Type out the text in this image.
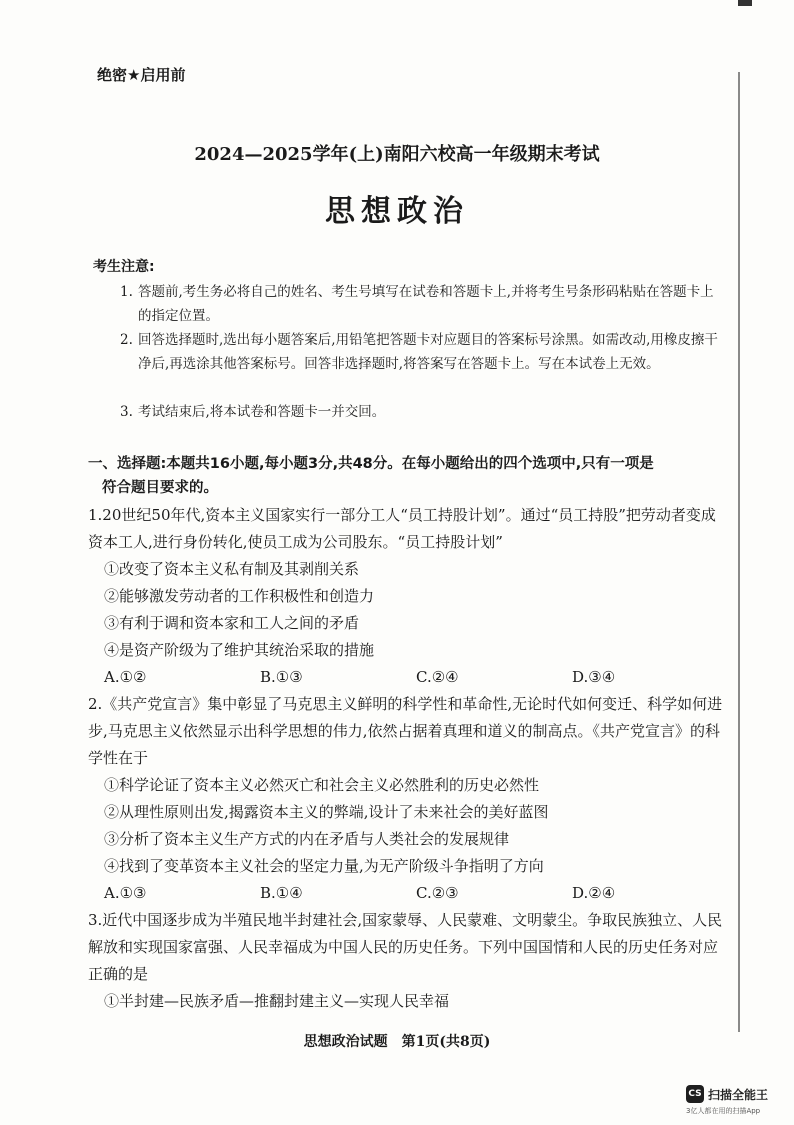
绝密★启用前
2024—2025学年(上)南阳六校高一年级期末考试
思想政治
考生注意:
1. 答题前,考生务必将自己的姓名、考生号填写在试卷和答题卡上,并将考生号条形码粘贴在答题卡上的指定位置。
2. 回答选择题时,选出每小题答案后,用铅笔把答题卡对应题目的答案标号涂黑。如需改动,用橡皮擦干净后,再选涂其他答案标号。回答非选择题时,将答案写在答题卡上。写在本试卷上无效。
3. 考试结束后,将本试卷和答题卡一并交回。
一、选择题:本题共16小题,每小题3分,共48分。在每小题给出的四个选项中,只有一项是
符合题目要求的。
1.20世纪50年代,资本主义国家实行一部分工人“员工持股计划”。通过“员工持股”把劳动者变成资本工人,进行身份转化,使员工成为公司股东。“员工持股计划”
①改变了资本主义私有制及其剥削关系
②能够激发劳动者的工作积极性和创造力
③有利于调和资本家和工人之间的矛盾
④是资产阶级为了维护其统治采取的措施
A.①②	B.①③	C.②④	D.③④
2.《共产党宣言》集中彰显了马克思主义鲜明的科学性和革命性,无论时代如何变迁、科学如何进步,马克思主义依然显示出科学思想的伟力,依然占据着真理和道义的制高点。《共产党宣言》的科学性在于
①科学论证了资本主义必然灭亡和社会主义必然胜利的历史必然性
②从理性原则出发,揭露资本主义的弊端,设计了未来社会的美好蓝图
③分析了资本主义生产方式的内在矛盾与人类社会的发展规律
④找到了变革资本主义社会的坚定力量,为无产阶级斗争指明了方向
A.①③	B.①④	C.②③	D.②④
3.近代中国逐步成为半殖民地半封建社会,国家蒙辱、人民蒙难、文明蒙尘。争取民族独立、人民解放和实现国家富强、人民幸福成为中国人民的历史任务。下列中国国情和人民的历史任务对应正确的是
①半封建—民族矛盾—推翻封建主义—实现人民幸福
思想政治试题　第1页(共8页)
CS 扫描全能王
3亿人都在用的扫描App
